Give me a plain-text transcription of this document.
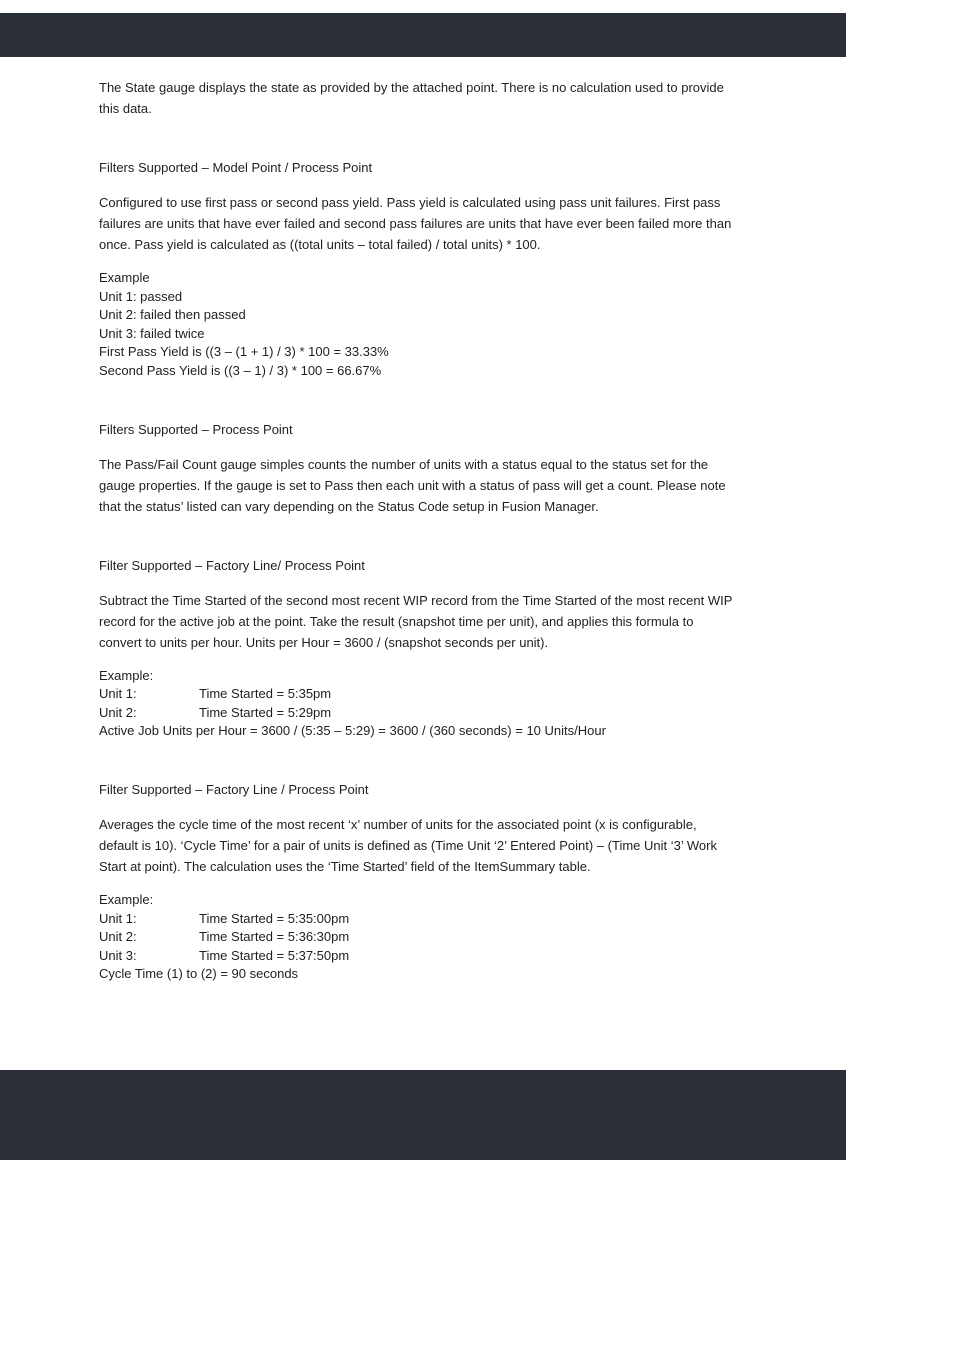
The State gauge displays the state as provided by the attached point. There is no calculation used to provide this data.

Filters Supported – Model Point / Process Point

Configured to use first pass or second pass yield. Pass yield is calculated using pass unit failures. First pass failures are units that have ever failed and second pass failures are units that have ever been failed more than once. Pass yield is calculated as ((total units – total failed) / total units) * 100.

Example
Unit 1: passed
Unit 2: failed then passed
Unit 3: failed twice
First Pass Yield is ((3 – (1 + 1) / 3) * 100 = 33.33%
Second Pass Yield is ((3 – 1) / 3) * 100 = 66.67%

Filters Supported – Process Point

The Pass/Fail Count gauge simples counts the number of units with a status equal to the status set for the gauge properties. If the gauge is set to Pass then each unit with a status of pass will get a count. Please note that the status’ listed can vary depending on the Status Code setup in Fusion Manager.

Filter Supported – Factory Line/ Process Point

Subtract the Time Started of the second most recent WIP record from the Time Started of the most recent WIP record for the active job at the point. Take the result (snapshot time per unit), and applies this formula to convert to units per hour. Units per Hour = 3600 / (snapshot seconds per unit).

Example:
Unit 1:	Time Started = 5:35pm
Unit 2:	Time Started = 5:29pm
Active Job Units per Hour = 3600 / (5:35 – 5:29) = 3600 / (360 seconds) = 10 Units/Hour

Filter Supported – Factory Line / Process Point

Averages the cycle time of the most recent ‘x’ number of units for the associated point (x is configurable, default is 10). ‘Cycle Time’ for a pair of units is defined as (Time Unit ‘2’ Entered Point) – (Time Unit ‘3’ Work Start at point). The calculation uses the ‘Time Started’ field of the ItemSummary table.

Example:
Unit 1:	Time Started = 5:35:00pm
Unit 2:	Time Started = 5:36:30pm
Unit 3:	Time Started = 5:37:50pm
Cycle Time (1) to (2) = 90 seconds
